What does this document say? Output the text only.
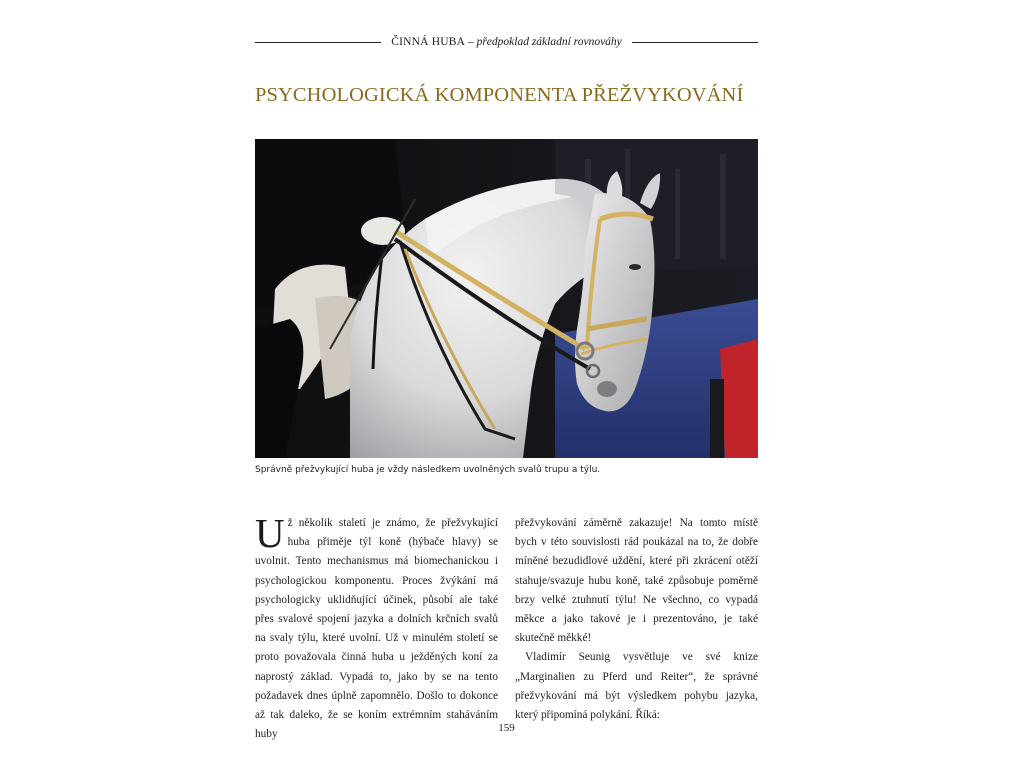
ČINNÁ HUBA – předpoklad základní rovnováhy
PSYCHOLOGICKÁ KOMPONENTA PŘEŽVYKOVÁNÍ
Správně přežvykující huba je vždy následkem uvolněných svalů trupu a týlu.

Už několik staletí je známo, že přežvykující huba přiměje týl koně (hýbače hlavy) se uvolnit. Tento mechanismus má biomechanickou i psychologickou komponentu. Proces žvýkání má psychologicky uklidňující účinek, působí ale také přes svalové spojení jazyka a dolních krčních svalů na svaly týlu, které uvolní. Už v minulém století se proto považovala činná huba u ježděných koní za naprostý základ. Vypadá to, jako by se na tento požadavek dnes úplně zapomnělo. Došlo to dokonce až tak daleko, že se koním extrémním staháváním huby

přežvykování záměrně zakazuje! Na tomto místě bych v této souvislosti rád poukázal na to, že dobře míněné bezudidlové uždění, které při zkrácení otěží stahuje/svazuje hubu koně, také způsobuje poměrně brzy velké ztuhnutí týlu! Ne všechno, co vypadá měkce a jako takové je i prezentováno, je také skutečně měkké!

Vladimír Seunig vysvětluje ve své knize „Marginalien zu Pferd und Reiter“, že správné přežvykování má být výsledkem pohybu jazyka, který připomíná polykání. Říká:

159
